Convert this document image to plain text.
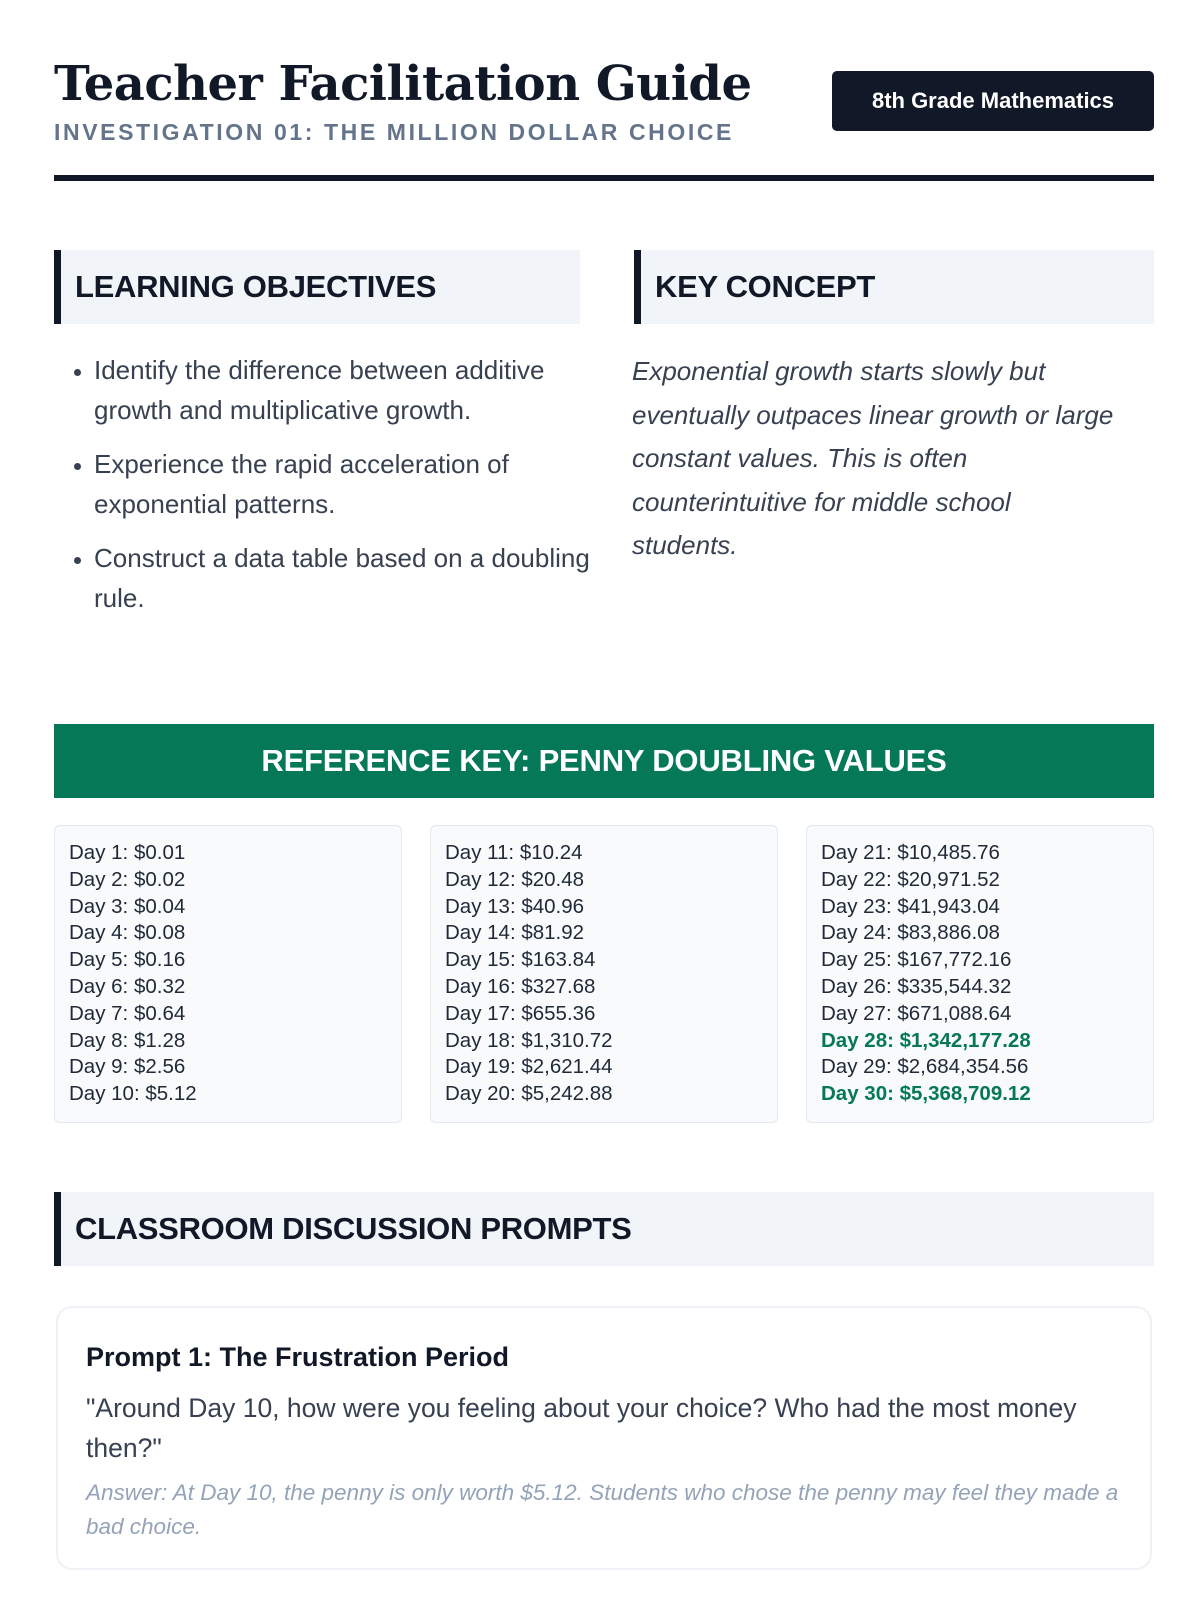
Teacher Facilitation Guide
INVESTIGATION 01: THE MILLION DOLLAR CHOICE
8th Grade Mathematics
LEARNING OBJECTIVES
• Identify the difference between additive growth and multiplicative growth.
• Experience the rapid acceleration of exponential patterns.
• Construct a data table based on a doubling rule.
KEY CONCEPT

Exponential growth starts slowly but eventually outpaces linear growth or large constant values. This is often counterintuitive for middle school students.

REFERENCE KEY: PENNY DOUBLING VALUES
Day 1: $0.01
Day 2: $0.02
Day 3: $0.04
Day 4: $0.08
Day 5: $0.16
Day 6: $0.32
Day 7: $0.64
Day 8: $1.28
Day 9: $2.56
Day 10: $5.12
Day 11: $10.24
Day 12: $20.48
Day 13: $40.96
Day 14: $81.92
Day 15: $163.84
Day 16: $327.68
Day 17: $655.36
Day 18: $1,310.72
Day 19: $2,621.44
Day 20: $5,242.88
Day 21: $10,485.76
Day 22: $20,971.52
Day 23: $41,943.04
Day 24: $83,886.08
Day 25: $167,772.16
Day 26: $335,544.32
Day 27: $671,088.64
Day 28: $1,342,177.28
Day 29: $2,684,354.56
Day 30: $5,368,709.12
CLASSROOM DISCUSSION PROMPTS
Prompt 1: The Frustration Period

"Around Day 10, how were you feeling about your choice? Who had the most money then?"

Answer: At Day 10, the penny is only worth $5.12. Students who chose the penny may feel they made a bad choice.
